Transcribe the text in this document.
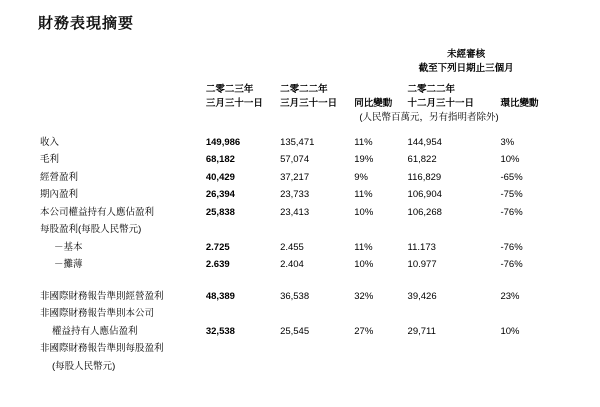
財務表現摘要
			未經審核		
			截至下列日期止三個月		

	二零二三年	二零二二年		二零二二年	
	三月三十一日	三月三十一日	同比變動	十二月三十一日	環比變動
		(人民幣百萬元，另有指明者除外)			

收入	149,986	135,471	11%	144,954	3%
毛利	68,182	57,074	19%	61,822	10%
經營盈利	40,429	37,217	9%	116,829	-65%
期內盈利	26,394	23,733	11%	106,904	-75%
本公司權益持有人應佔盈利	25,838	23,413	10%	106,268	-76%
每股盈利(每股人民幣元)					
－基本	2.725	2.455	11%	11.173	-76%
－攤薄	2.639	2.404	10%	10.977	-76%

非國際財務報告準則經營盈利	48,389	36,538	32%	39,426	23%
非國際財務報告準則本公司					
權益持有人應佔盈利	32,538	25,545	27%	29,711	10%
非國際財務報告準則每股盈利					
(每股人民幣元)					
